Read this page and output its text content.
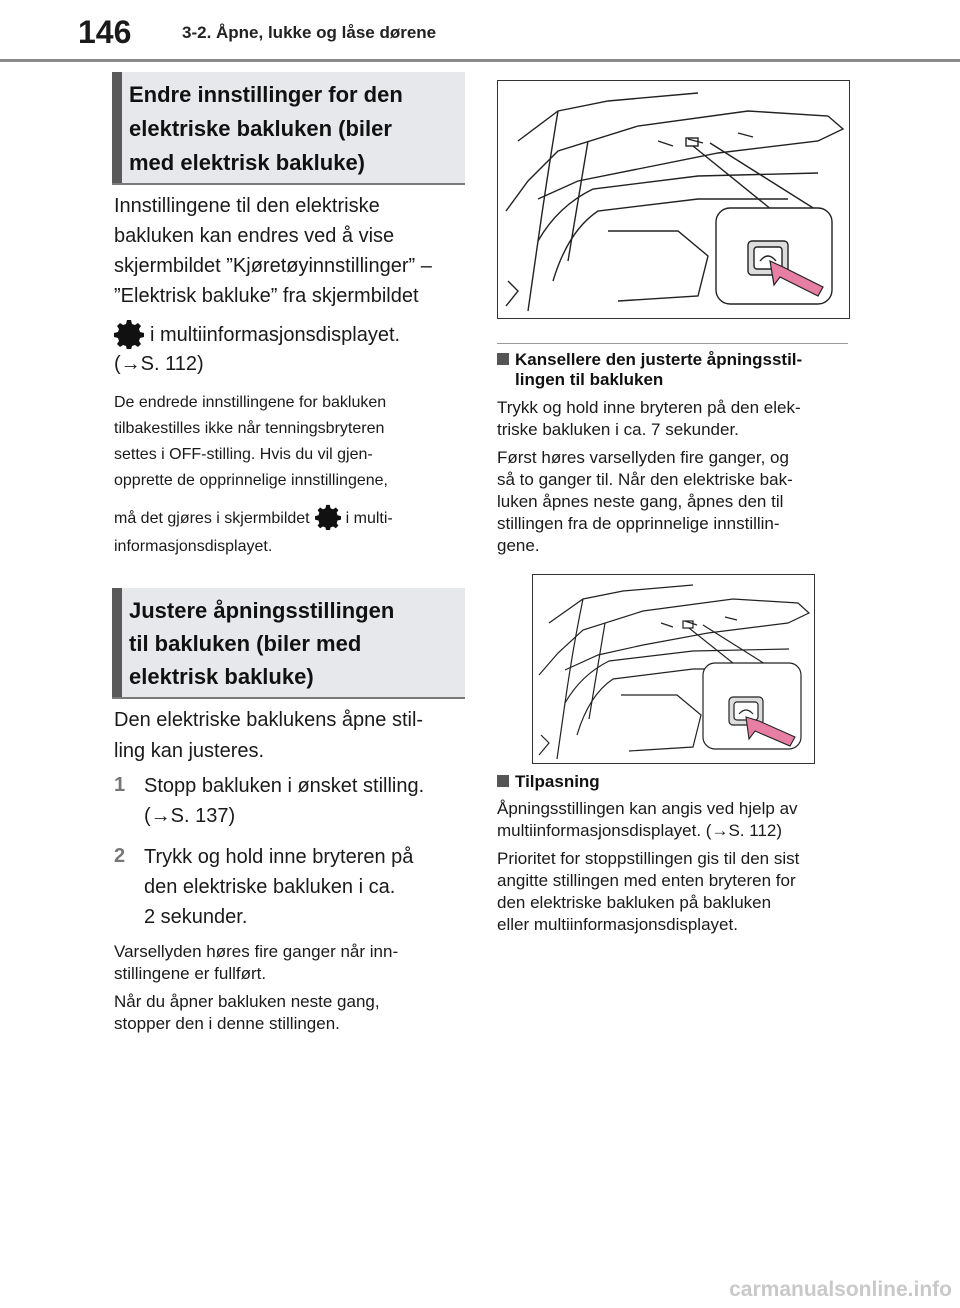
146	3-2. Åpne, lukke og låse dørene
Endre innstillinger for den
elektriske bakluken (biler
med elektrisk bakluke)
Innstillingene til den elektriske
bakluken kan endres ved å vise
skjermbildet ”Kjøretøyinnstillinger” –
”Elektrisk bakluke” fra skjermbildet
i multiinformasjonsdisplayet.
(→S. 112)
De endrede innstillingene for bakluken
tilbakestilles ikke når tenningsbryteren
settes i OFF-stilling. Hvis du vil gjen-
opprette de opprinnelige innstillingene,
må det gjøres i skjermbildet i multi-
informasjonsdisplayet.
Justere åpningsstillingen
til bakluken (biler med
elektrisk bakluke)
Den elektriske baklukens åpne stil-
ling kan justeres.
1 Stopp bakluken i ønsket stilling.
(→S. 137)
2 Trykk og hold inne bryteren på
den elektriske bakluken i ca.
2 sekunder.
Varsellyden høres fire ganger når inn-
stillingene er fullført.
Når du åpner bakluken neste gang,
stopper den i denne stillingen.
Kansellere den justerte åpningsstil-
lingen til bakluken
Trykk og hold inne bryteren på den elek-
triske bakluken i ca. 7 sekunder.
Først høres varsellyden fire ganger, og
så to ganger til. Når den elektriske bak-
luken åpnes neste gang, åpnes den til
stillingen fra de opprinnelige innstillin-
gene.
Tilpasning
Åpningsstillingen kan angis ved hjelp av
multiinformasjonsdisplayet. (→S. 112)
Prioritet for stoppstillingen gis til den sist
angitte stillingen med enten bryteren for
den elektriske bakluken på bakluken
eller multiinformasjonsdisplayet.
carmanualsonline.info
